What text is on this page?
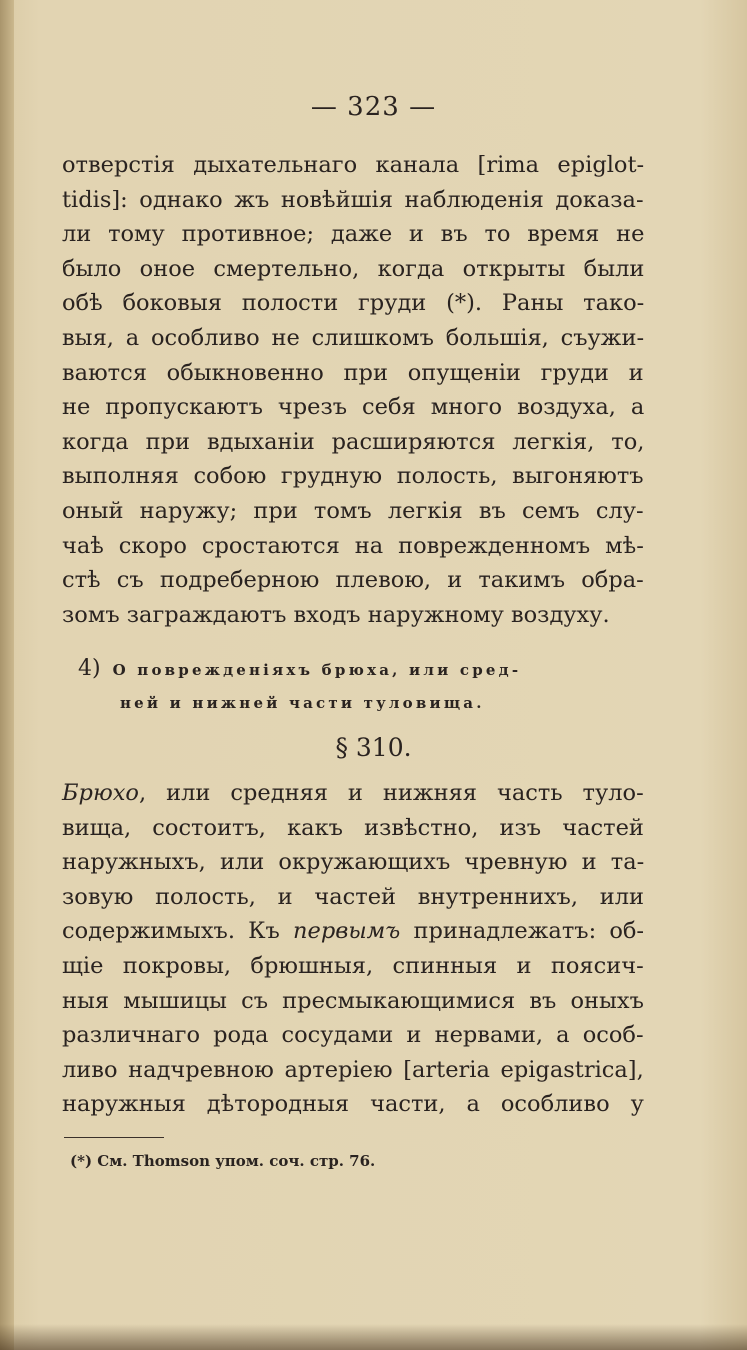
— 323 —
отверстія дыхательнаго канала [rima epiglot-
tidis]: однако жъ новѣйшія наблюденія доказа-
ли тому противное; даже и въ то время не
было оное смертельно, когда открыты были
обѣ боковыя полости груди (*). Раны тако-
выя, а особливо не слишкомъ большія, съужи-
ваются обыкновенно при опущеніи груди и
не пропускаютъ чрезъ себя много воздуха, а
когда при вдыханіи расширяются легкія, то,
выполняя собою грудную полость, выгоняютъ
оный наружу; при томъ легкія въ семъ слу-
чаѣ скоро сростаются на поврежденномъ мѣ-
стѣ съ подреберною плевою, и такимъ обра-
зомъ заграждаютъ входъ наружному воздуху.
4) О поврежденіяхъ брюха, или сред-
ней и нижней части туловища.
§ 310.
Брюхо, или средняя и нижняя часть туло-
вища, состоитъ, какъ извѣстно, изъ частей
наружныхъ, или окружающихъ чревную и та-
зовую полость, и частей внутреннихъ, или
содержимыхъ. Къ первымъ принадлежатъ: об-
щіе покровы, брюшныя, спинныя и поясич-
ныя мышицы съ пресмыкающимися въ оныхъ
различнаго рода сосудами и нервами, а особ-
ливо надчревною артеріею [arteria epigastrica],
наружныя дѣтородныя части, а особливо у
(*) См. Thomson упом. соч. стр. 76.
